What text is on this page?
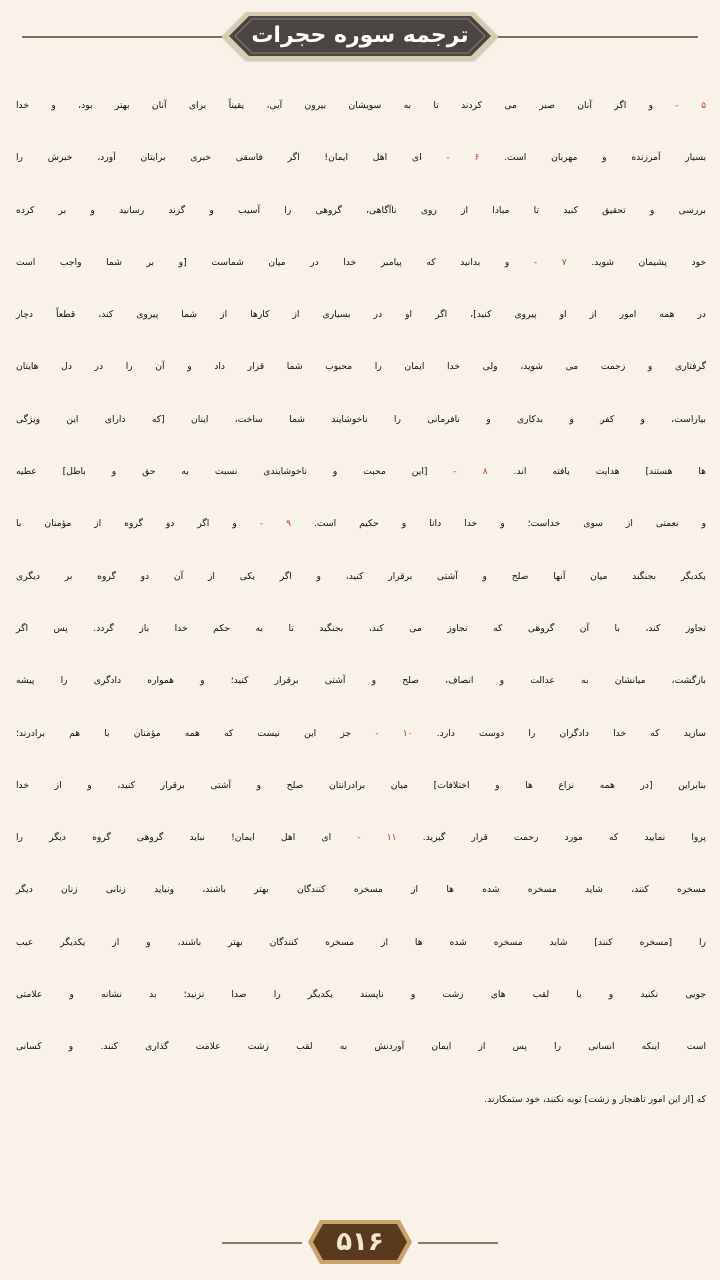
ترجمه سوره حجرات
۵ - و اگر آنان صبر می کردند تا به سویشان بیرون آیی، یقیناً برای آنان بهتر بود، و خدا
بسیار آمرزنده و مهربان است. ۶ - ای اهل ایمان! اگر فاسقی خبری برایتان آورد، خبرش را
بررسی و تحقیق کنید تا مبادا از روی ناآگاهی، گروهی را آسیب و گزند رسانید و بر کرده
خود پشیمان شوید. ۷ - و بدانید که پیامبر خدا در میان شماست [و بر شما واجب است
در همه امور از او پیروی کنید]، اگر او در بسیاری از کارها از شما پیروی کند، قطعاً دچار
گرفتاری و زحمت می شوید، ولی خدا ایمان را محبوب شما قرار داد و آن را در دل هایتان
بیاراست، و کفر و بدکاری و نافرمانی را ناخوشایند شما ساخت، اینان [که دارای این ویژگی
ها هستند] هدایت یافته اند. ۸ - [این محبت و ناخوشایندی نسبت به حق و باطل] عطیه
و نعمتی از سوی خداست؛ و خدا دانا و حکیم است. ۹ - و اگر دو گروه از مؤمنان با
یکدیگر بجنگند میان آنها صلح و آشتی برقرار کنید، و اگر یکی از آن دو گروه بر دیگری
تجاوز کند، با آن گروهی که تجاوز می کند، بجنگید تا به حکم خدا باز گردد. پس اگر
بازگشت، میانشان به عدالت و انصاف، صلح و آشتی برقرار کنید؛ و همواره دادگری را پیشه
سازید که خدا دادگران را دوست دارد. ۱۰ - جز این نیست که همه مؤمنان با هم برادرند؛
بنابراین [در همه نزاع ها و اختلافات] میان برادرانتان صلح و آشتی برقرار کنید، و از خدا
پروا نمایید که مورد رحمت قرار گیرید. ۱۱ - ای اهل ایمان! نباید گروهی گروه دیگر را
مسخره کنند، شاید مسخره شده ها از مسخره کنندگان بهتر باشند، ونباید زنانی زنان دیگر
را [مسخره کنند] شاید مسخره شده ها از مسخره کنندگان بهتر باشند، و از یکدیگر عیب
جویی نکنید و با لقب های زشت و ناپسند یکدیگر را صدا نزنید؛ بد نشانه و علامتی
است اینکه انسانی را پس از ایمان آوردنش به لقب زشت علامت گذاری کنند. و کسانی
که [از این امور ناهنجار و زشت] توبه نکنند، خود ستمکارند.
۵۱۶
